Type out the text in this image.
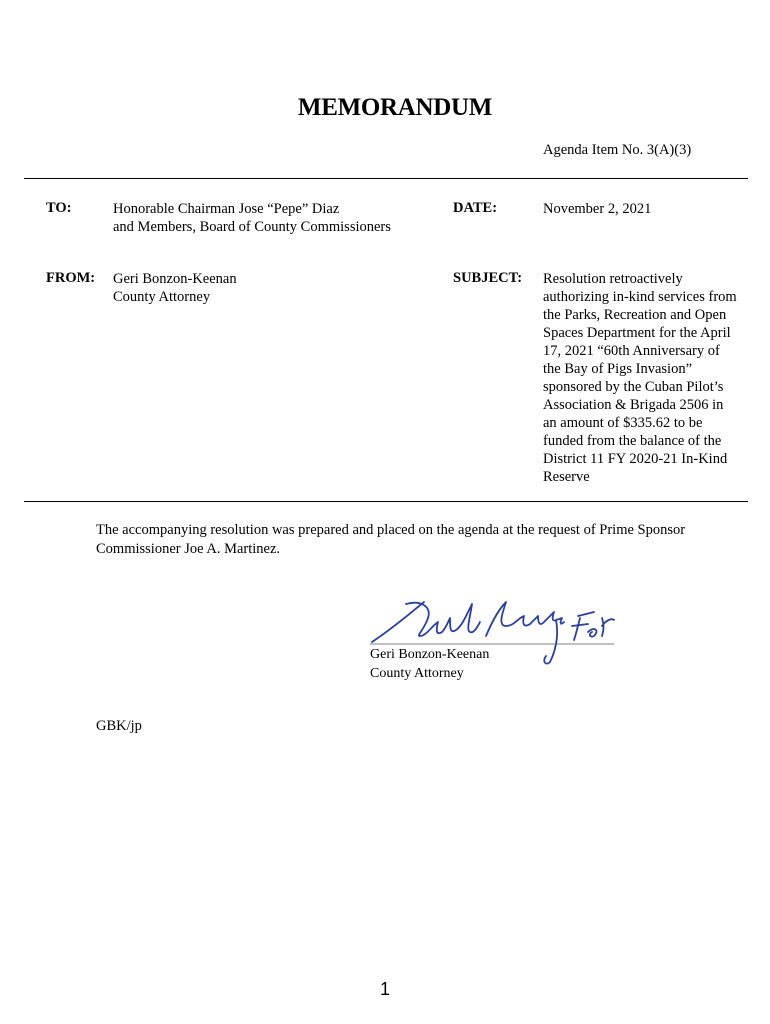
MEMORANDUM
Agenda Item No. 3(A)(3)
TO:	Honorable Chairman Jose “Pepe” Diaz
and Members, Board of County Commissioners
DATE:	November 2, 2021
FROM: Geri Bonzon-Keenan
County Attorney
SUBJECT: Resolution retroactively
authorizing in-kind services from
the Parks, Recreation and Open
Spaces Department for the April
17, 2021 “60th Anniversary of
the Bay of Pigs Invasion”
sponsored by the Cuban Pilot’s
Association & Brigada 2506 in
an amount of $335.62 to be
funded from the balance of the
District 11 FY 2020-21 In-Kind
Reserve
The accompanying resolution was prepared and placed on the agenda at the request of Prime Sponsor
Commissioner Joe A. Martinez.
Geri Bonzon-Keenan
County Attorney
GBK/jp
1
